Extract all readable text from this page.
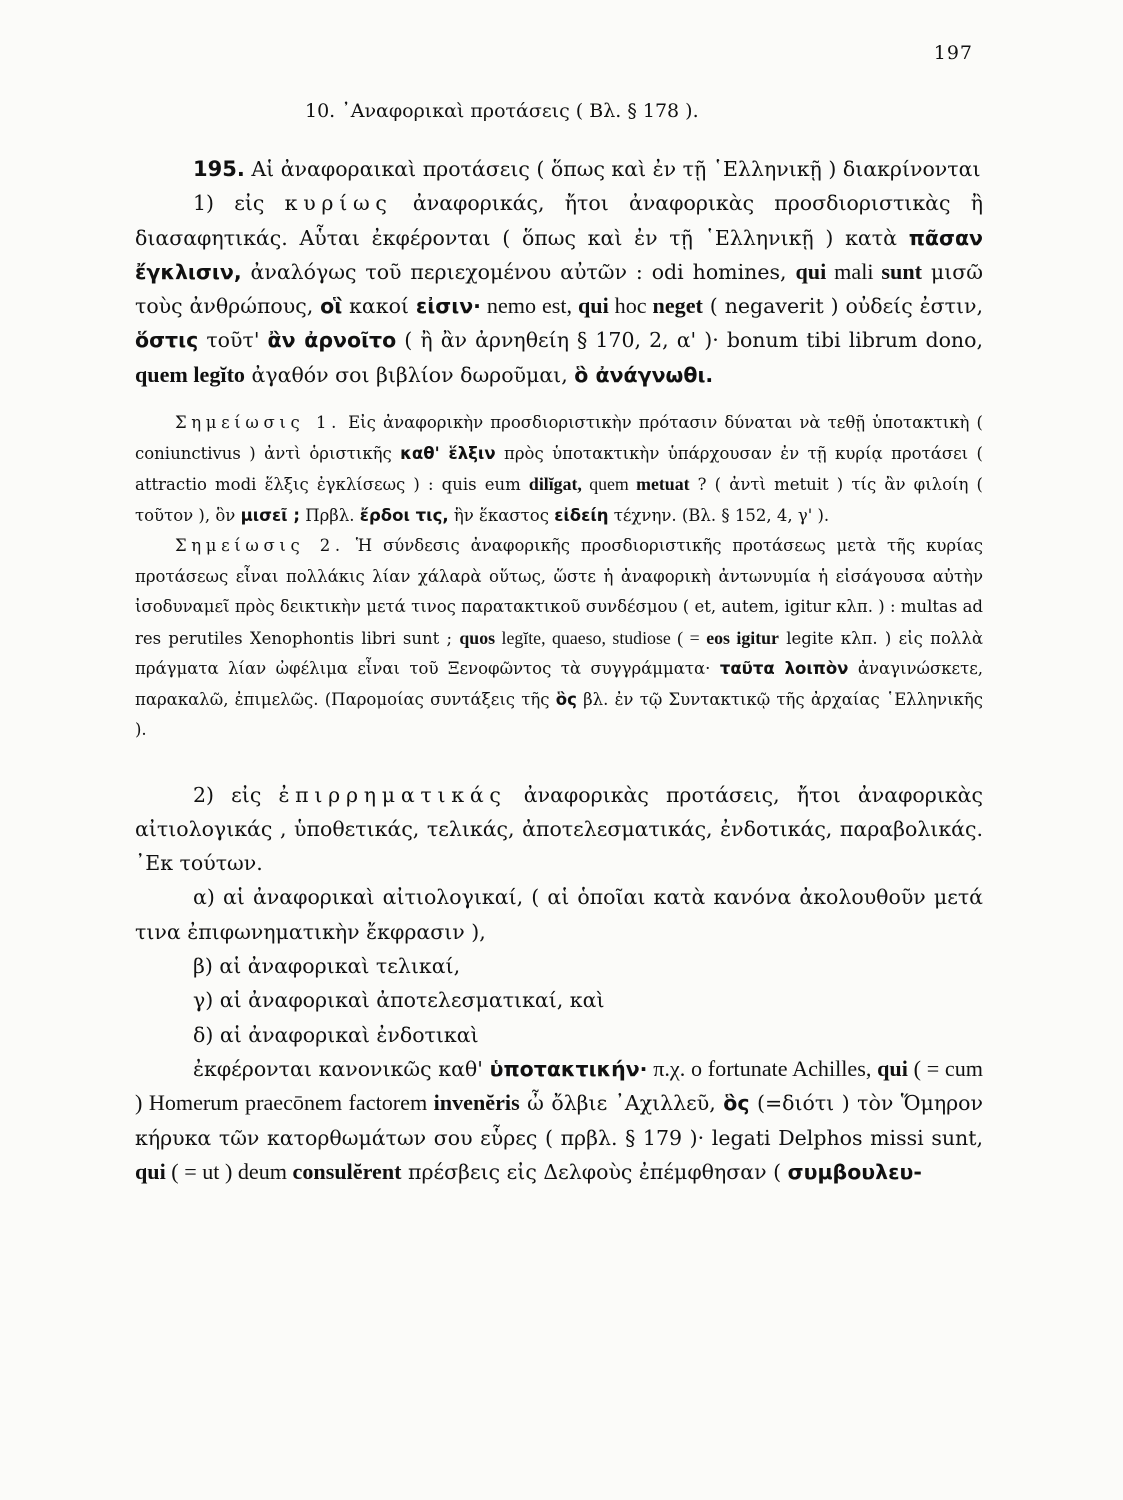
197
10. ᾿Αναφορικαὶ προτάσεις ( Βλ. § 178 ).

195. Αἱ ἀναφοραικαὶ προτάσεις ( ὅπως καὶ ἐν τῇ ῾Ελληνικῇ ) διακρίνονται

1) εἰς κυρίως ἀναφορικάς, ἤτοι ἀναφορικὰς προσδιοριστικὰς ἢ διασαφητικάς. Αὗται ἐκφέρονται ( ὅπως καὶ ἐν τῇ ῾Ελληνικῇ ) κατὰ πᾶσαν ἔγκλισιν, ἀναλόγως τοῦ περιεχομένου αὐτῶν : odi homines, qui mali sunt μισῶ τοὺς ἀνθρώπους, οἳ κακοί εἰσιν· nemo est, qui hoc neget ( negaverit ) οὐδείς ἐστιν, ὅστις τοῦτ' ἂν ἀρνοῖτο ( ἢ ἂν ἀρνηθείη § 170, 2, α' )· bonum tibi librum dono, quem legĭto ἀγαθόν σοι βιβλίον δωροῦμαι, ὃ ἀνάγνωθι.

Σημείωσις 1. Εἰς ἀναφορικὴν προσδιοριστικὴν πρότασιν δύναται νὰ τεθῇ ὑποτακτικὴ ( coniunctivus ) ἀντὶ ὁριστικῆς καθ' ἕλξιν πρὸς ὑποτακτικὴν ὑπάρχουσαν ἐν τῇ κυρίᾳ προτάσει ( attractio modi ἕλξις ἐγκλίσεως ) : quis eum dilĭgat, quem metuat ? ( ἀντὶ metuit ) τίς ἂν φιλοίη ( τοῦτον ), ὃν μισεῖ ; Πρβλ. ἔρδοι τις, ἣν ἕκαστος εἰδείη τέχνην. (Βλ. § 152, 4, γ' ).

Σημείωσις 2. Ἡ σύνδεσις ἀναφορικῆς προσδιοριστικῆς προτάσεως μετὰ τῆς κυρίας προτάσεως εἶναι πολλάκις λίαν χάλαρὰ οὕτως, ὥστε ἡ ἀναφορικὴ ἀντωνυμία ἡ εἰσάγουσα αὐτὴν ἰσοδυναμεῖ πρὸς δεικτικὴν μετά τινος παρατακτικοῦ συνδέσμου ( et, autem, igitur κλπ. ) : multas ad res perutiles Xenophontis libri sunt ; quos legĭte, quaeso, studiose ( = eos igitur legite κλπ. ) εἰς πολλὰ πράγματα λίαν ὠφέλιμα εἶναι τοῦ Ξενοφῶντος τὰ συγγράμματα· ταῦτα λοιπὸν ἀναγινώσκετε, παρακαλῶ, ἐπιμελῶς. (Παρομοίας συντάξεις τῆς ὃς βλ. ἐν τῷ Συντακτικῷ τῆς ἀρχαίας ῾Ελληνικῆς ).

2) εἰς ἐπιρρηματικάς ἀναφορικὰς προτάσεις, ἤτοι ἀναφορικὰς αἰτιολογικάς , ὑποθετικάς, τελικάς, ἀποτελεσματικάς, ἐνδοτικάς, παραβολικάς. ᾿Εκ τούτων.

α) αἱ ἀναφορικαὶ αἰτιολογικαί, ( αἱ ὁποῖαι κατὰ κανόνα ἀκολουθοῦν μετά τινα ἐπιφωνηματικὴν ἔκφρασιν ),

β) αἱ ἀναφορικαὶ τελικαί,

γ) αἱ ἀναφορικαὶ ἀποτελεσματικαί, καὶ

δ) αἱ ἀναφορικαὶ ἐνδοτικαὶ

ἐκφέρονται κανονικῶς καθ' ὑποτακτικήν· π.χ. o fortunate Achilles, qui ( = cum ) Homerum praecōnem factorem invenĕris ὦ ὄλβιε ᾿Αχιλλεῦ, ὃς (=διότι ) τὸν Ὅμηρον κήρυκα τῶν κατορθωμάτων σου εὗρες ( πρβλ. § 179 )· legati Delphos missi sunt, qui ( = ut ) deum consulĕrent πρέσβεις εἰς Δελφοὺς ἐπέμφθησαν ( συμβουλευ-
